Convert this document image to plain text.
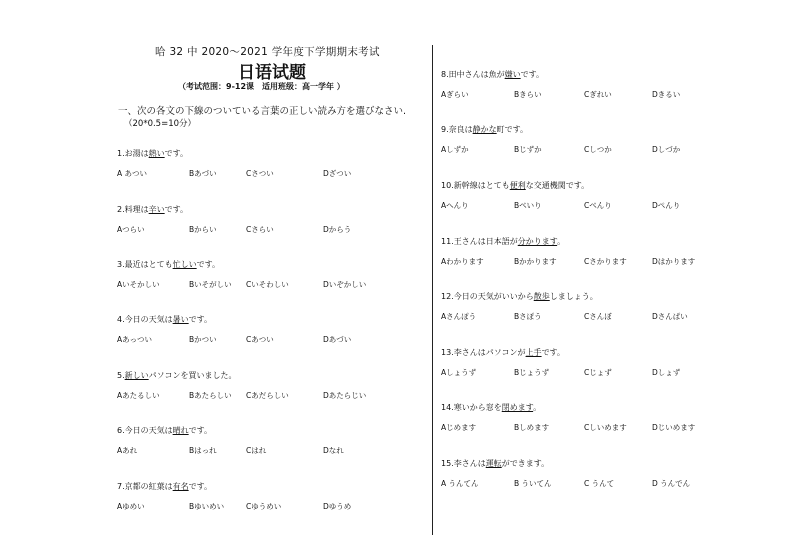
哈 32 中 2020～2021 学年度下学期期末考试
日语试题
（考试范围：9-12课　适用班级：高一学年 ）
一、次の各文の下線のついている言葉の正しい読み方を選びなさい.
（20*0.5=10分）
1.お湯は熱いです。
A あつい	Bあづい	Cさつい	Dざつい
2.料理は辛いです。
Aつらい	Bからい	Cさらい	Dからう
3.最近はとても忙しいです。
Aいそかしい	Bいそがしい Cいそわしい	Dいぞかしい
4.今日の天気は暑いです。
Aあっつい	Bかつい	Cあつい	Dあづい
5.新しいパソコンを買いました。
Aあたるしい	Bあたらしい Cあだらしい	Dあたらじい
6.今日の天気は晴れです。
Aあれ	Bはっれ	Cはれ	Dなれ
7.京都の紅葉は有名です。
Aゆめい	Bゆいめい	Cゆうめい	Dゆうめ
8.田中さんは魚が嫌いです。
Aぎらい	Bきらい	Cぎれい	Dきるい
9.奈良は静かな町です。
Aしずか	Bじずか	Cしつか	Dしづか
10.新幹線はとても便利な交通機関です。
Aへんり	Bべいり	Cべんり	Dぺんり
11.王さんは日本語が分かります。
Aわかります	Bかかります	Cさかります	Dはかります
12.今日の天気がいいから散歩しましょう。
Aさんぽう	Bさぽう	Cさんぼ	Dさんぱい
13.李さんはパソコンが上手です。
Aしょうず	Bじょうず	Cじょず	Dしょず
14.寒いから窓を閉めます。
Aじめます	Bしめます	Cしいめます	Dじいめます
15.李さんは運転ができます。
A うんてん	B ういてん	C うんて	D うんでん
